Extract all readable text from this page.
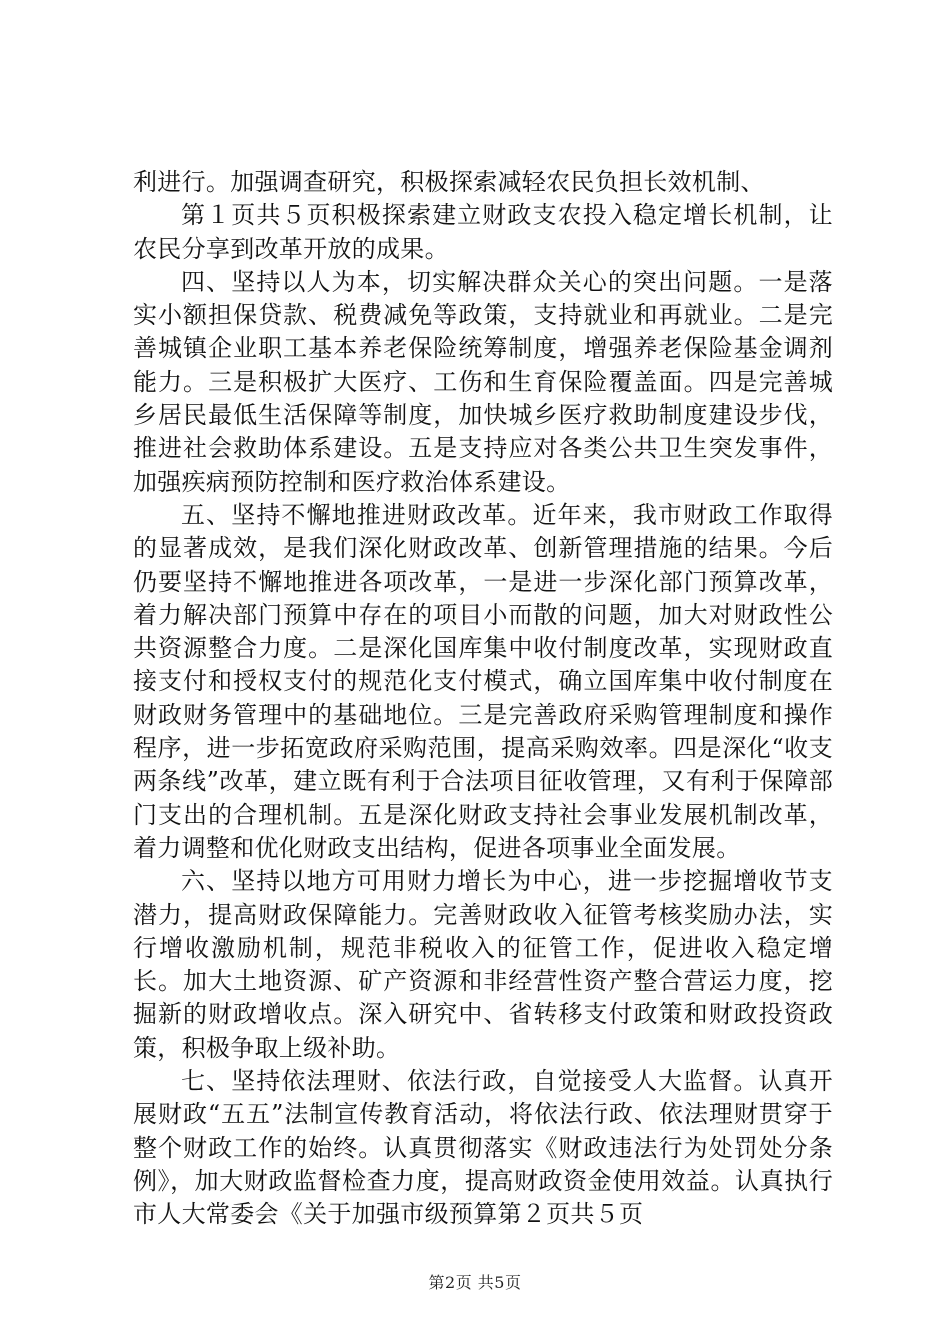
利进行。加强调查研究，积极探索减轻农民负担长效机制、

第１页共５页积极探索建立财政支农投入稳定增长机制，让农民分享到改革开放的成果。

四、坚持以人为本，切实解决群众关心的突出问题。一是落实小额担保贷款、税费减免等政策，支持就业和再就业。二是完善城镇企业职工基本养老保险统筹制度，增强养老保险基金调剂能力。三是积极扩大医疗、工伤和生育保险覆盖面。四是完善城乡居民最低生活保障等制度，加快城乡医疗救助制度建设步伐，推进社会救助体系建设。五是支持应对各类公共卫生突发事件，加强疾病预防控制和医疗救治体系建设。

五、坚持不懈地推进财政改革。近年来，我市财政工作取得的显著成效，是我们深化财政改革、创新管理措施的结果。今后仍要坚持不懈地推进各项改革，一是进一步深化部门预算改革，着力解决部门预算中存在的项目小而散的问题，加大对财政性公共资源整合力度。二是深化国库集中收付制度改革，实现财政直接支付和授权支付的规范化支付模式，确立国库集中收付制度在财政财务管理中的基础地位。三是完善政府采购管理制度和操作程序，进一步拓宽政府采购范围，提高采购效率。四是深化“收支两条线”改革，建立既有利于合法项目征收管理，又有利于保障部门支出的合理机制。五是深化财政支持社会事业发展机制改革，着力调整和优化财政支出结构，促进各项事业全面发展。

六、坚持以地方可用财力增长为中心，进一步挖掘增收节支潜力，提高财政保障能力。完善财政收入征管考核奖励办法，实行增收激励机制，规范非税收入的征管工作，促进收入稳定增长。加大土地资源、矿产资源和非经营性资产整合营运力度，挖掘新的财政增收点。深入研究中、省转移支付政策和财政投资政策，积极争取上级补助。

七、坚持依法理财、依法行政，自觉接受人大监督。认真开展财政“五五”法制宣传教育活动，将依法行政、依法理财贯穿于整个财政工作的始终。认真贯彻落实《财政违法行为处罚处分条例》，加大财政监督检查力度，提高财政资金使用效益。认真执行市人大常委会《关于加强市级预算第２页共５页

第2页 共5页
